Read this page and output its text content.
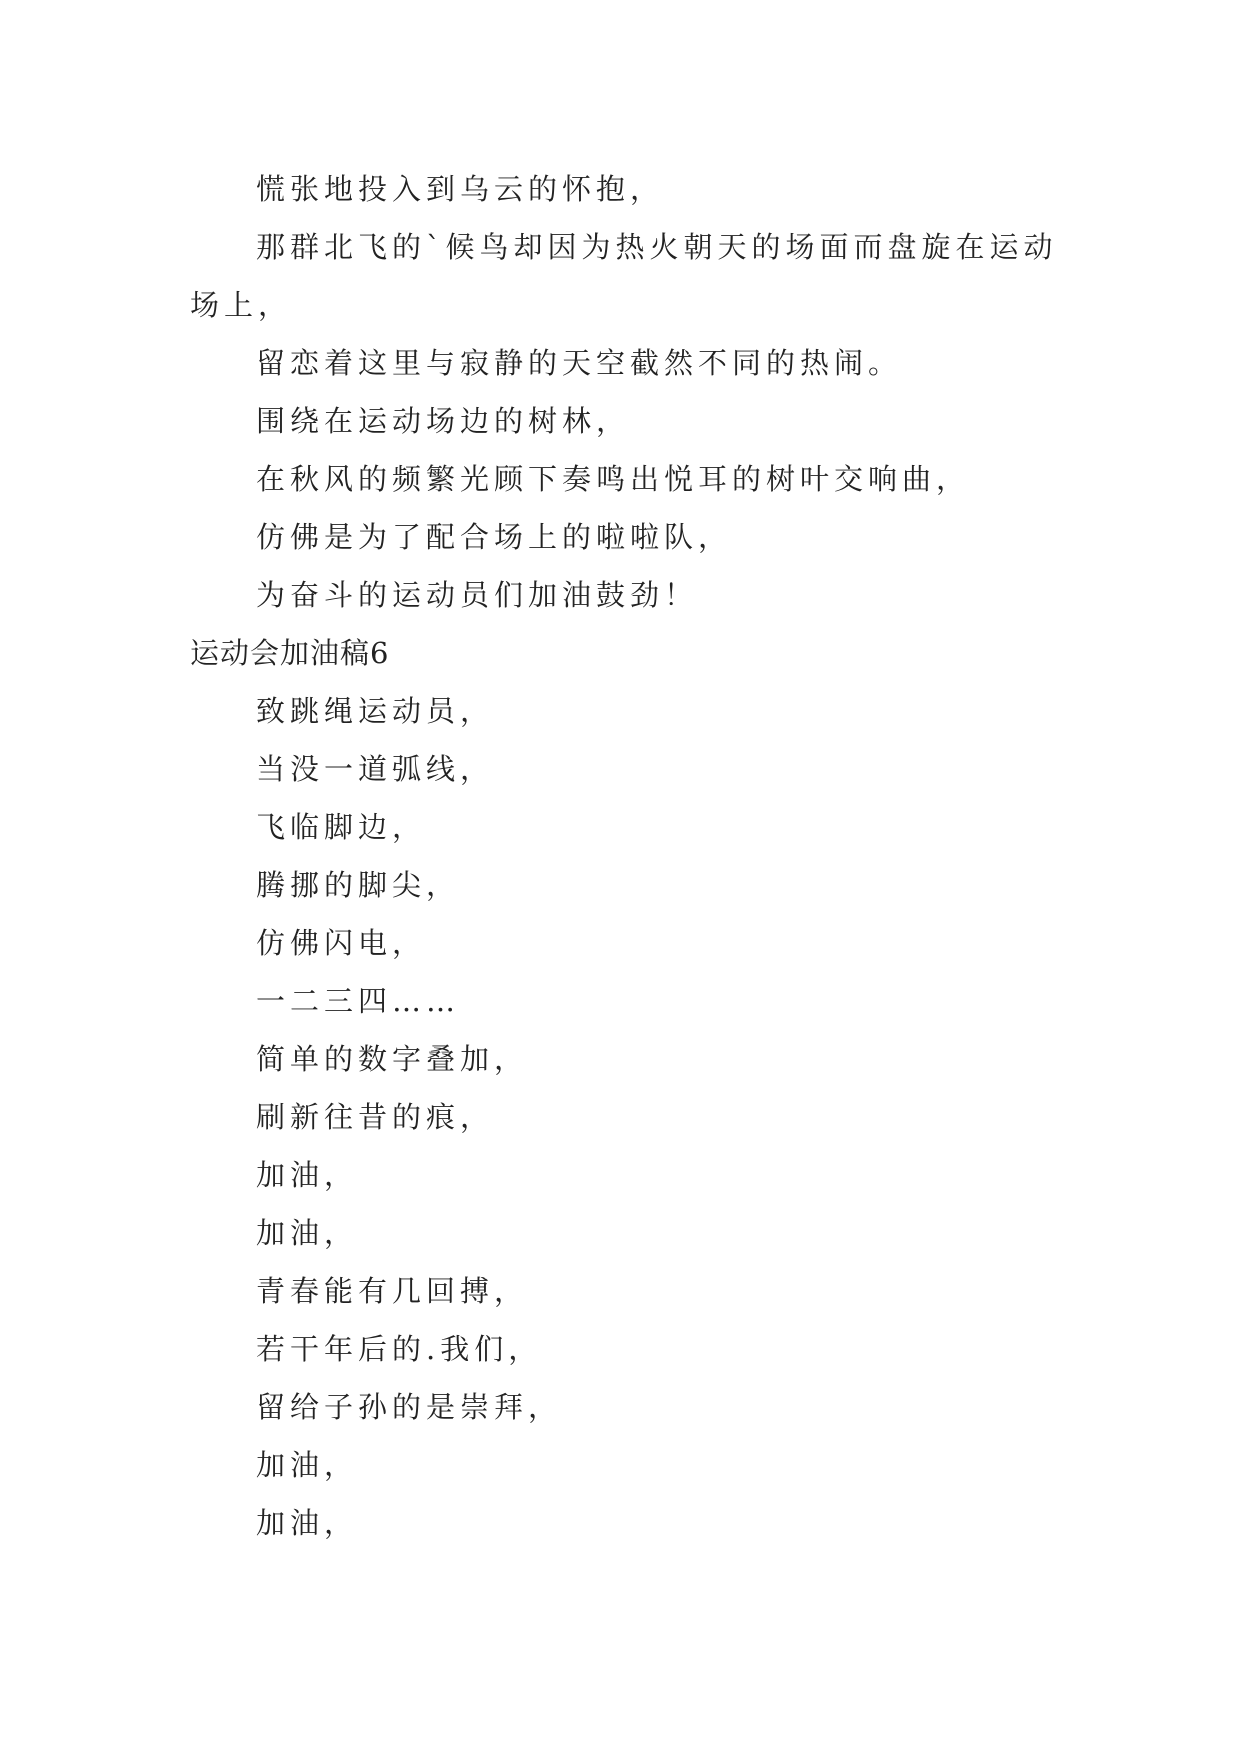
慌张地投入到乌云的怀抱，
那群北飞的`候鸟却因为热火朝天的场面而盘旋在运动场上，
留恋着这里与寂静的天空截然不同的热闹。
围绕在运动场边的树林，
在秋风的频繁光顾下奏鸣出悦耳的树叶交响曲，
仿佛是为了配合场上的啦啦队，
为奋斗的运动员们加油鼓劲！
运动会加油稿6
致跳绳运动员，
当没一道弧线，
飞临脚边，
腾挪的脚尖，
仿佛闪电，
一二三四……
简单的数字叠加，
刷新往昔的痕，
加油，
加油，
青春能有几回搏，
若干年后的.我们，
留给子孙的是崇拜，
加油，
加油，
